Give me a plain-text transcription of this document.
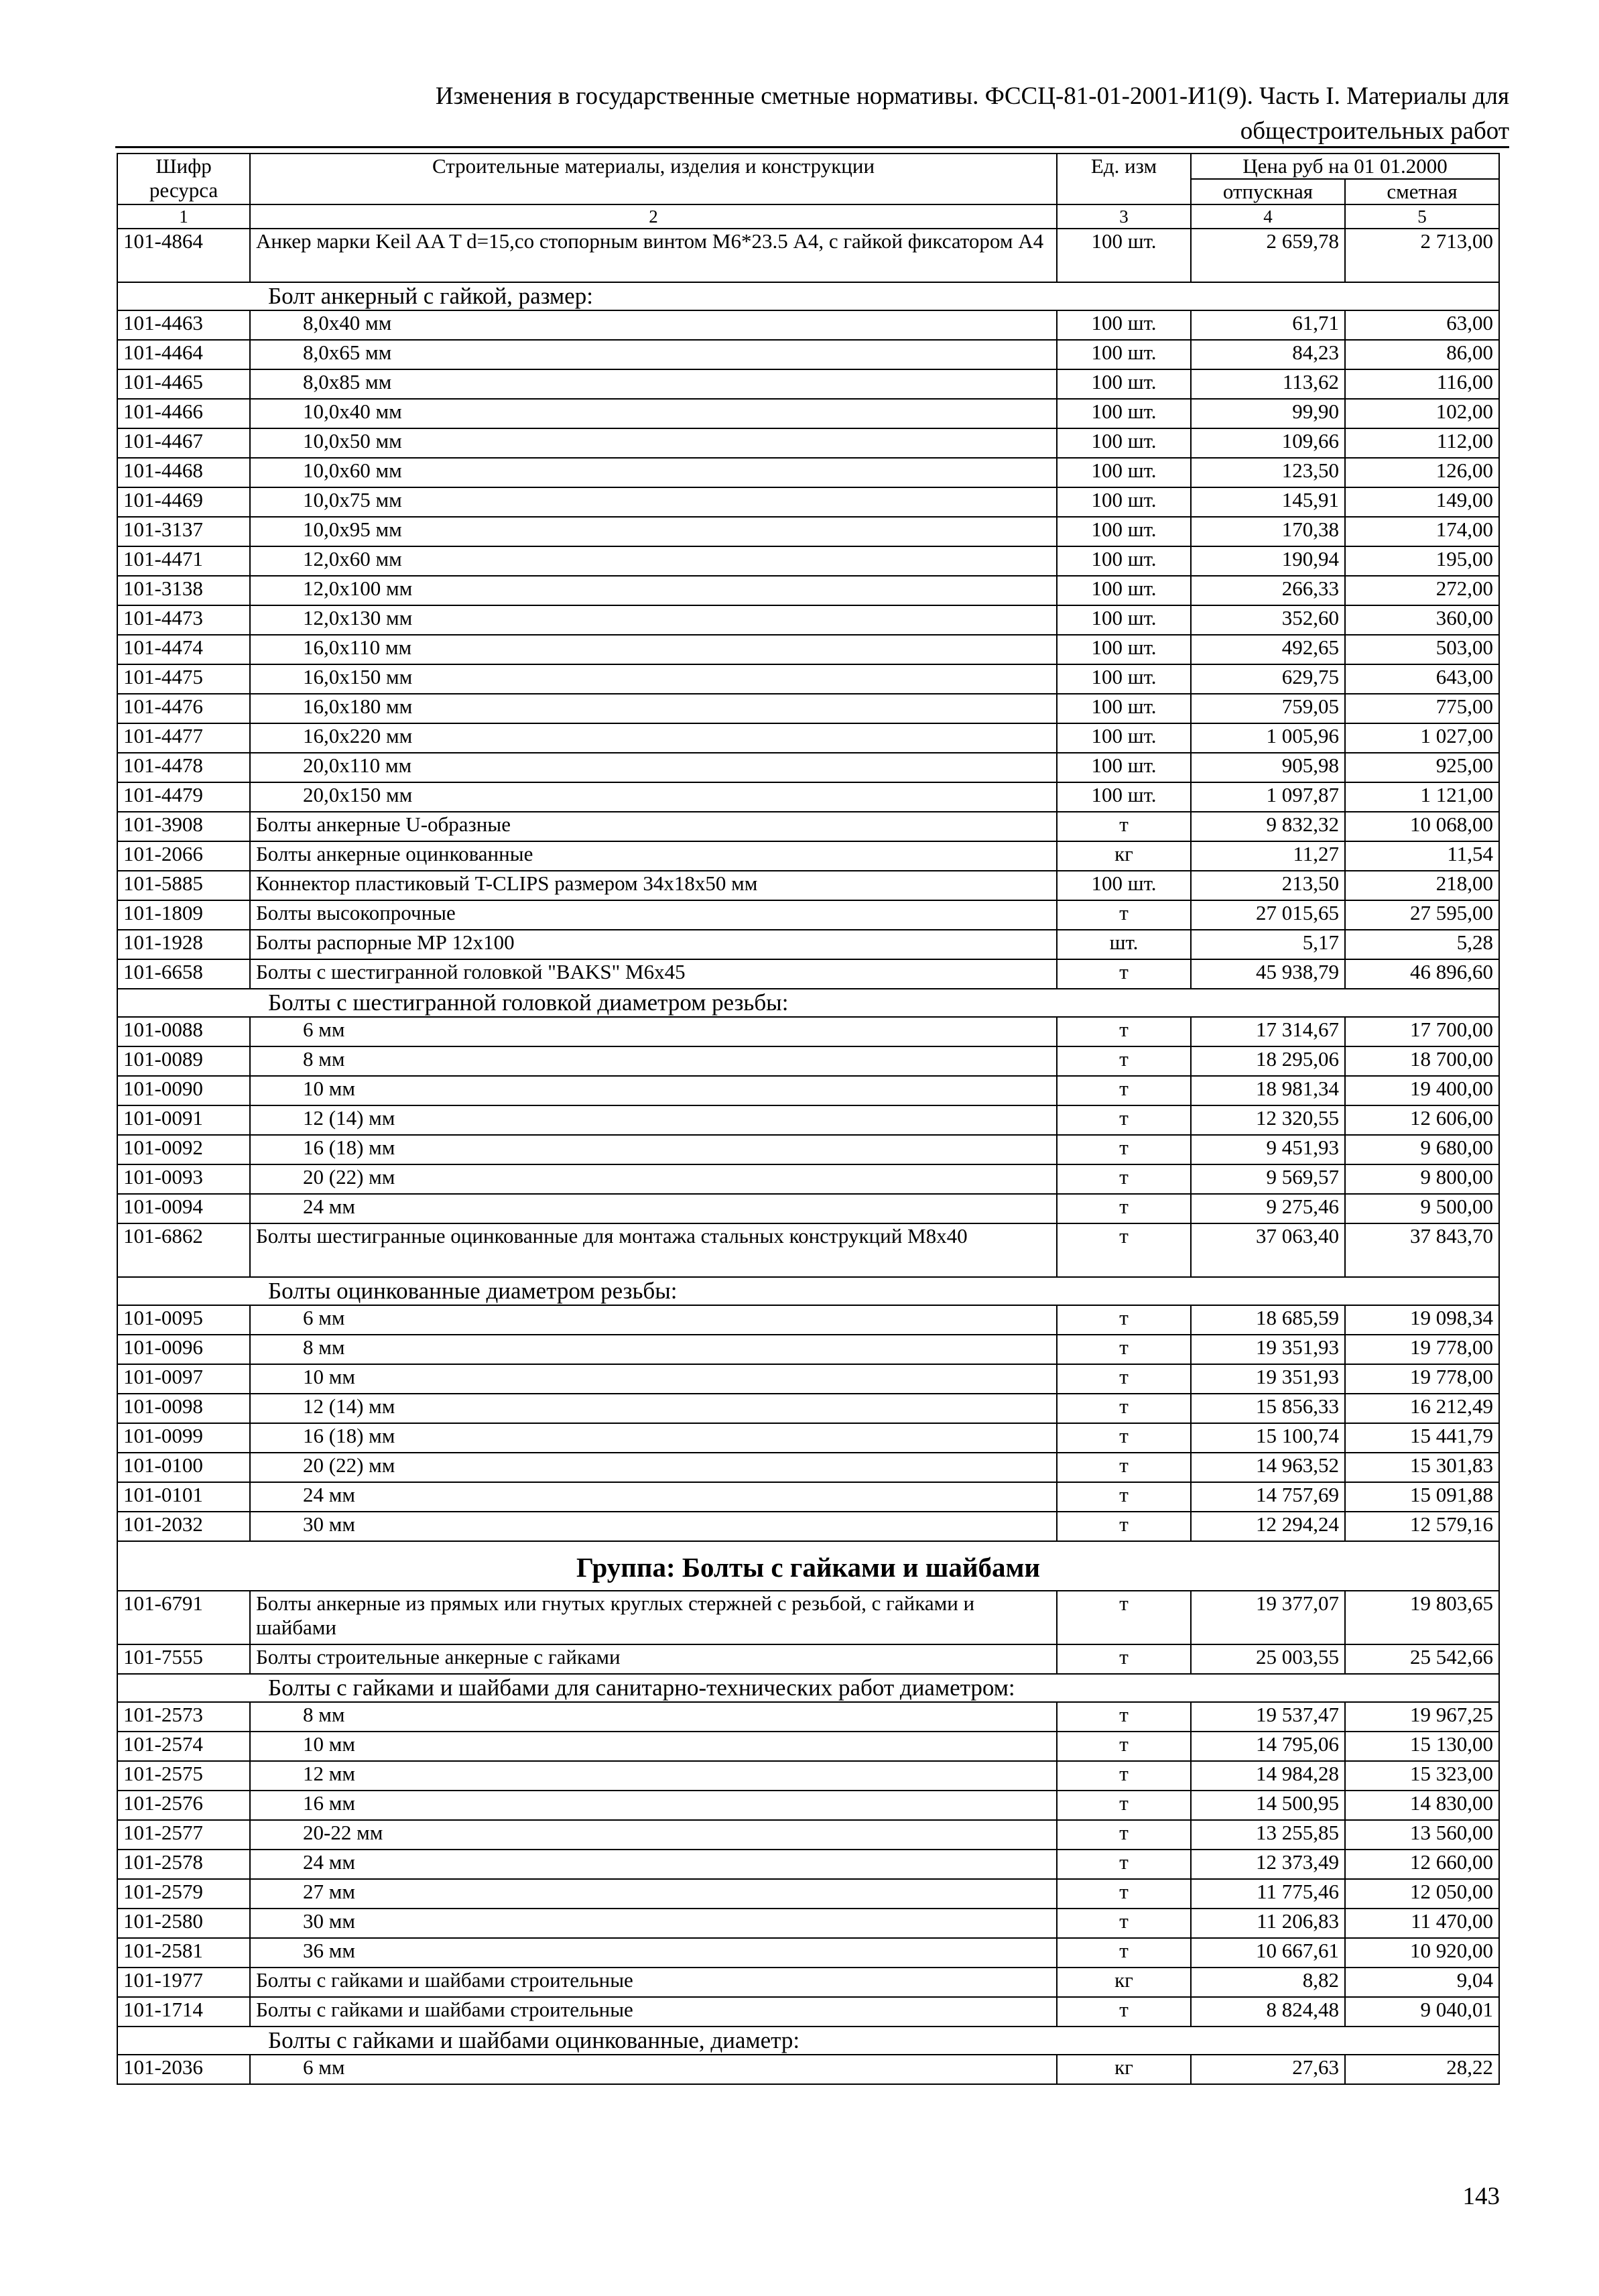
Изменения в государственные сметные нормативы. ФССЦ-81-01-2001-И1(9). Часть I. Материалы для
общестроительных работ
Шифр ресурса	Строительные материалы, изделия и конструкции	Ед. изм	Цена руб на 01 01.2000	
			отпускная	сметная
1	2	3	4	5
101-4864	Анкер марки Keil AA T d=15,со стопорным винтом М6*23.5 А4, с гайкой фиксатором А4	100 шт.	2 659,78	2 713,00
Болт анкерный с гайкой, размер:				
101-4463	8,0х40 мм	100 шт.	61,71	63,00
101-4464	8,0х65 мм	100 шт.	84,23	86,00
101-4465	8,0х85 мм	100 шт.	113,62	116,00
101-4466	10,0х40 мм	100 шт.	99,90	102,00
101-4467	10,0х50 мм	100 шт.	109,66	112,00
101-4468	10,0х60 мм	100 шт.	123,50	126,00
101-4469	10,0х75 мм	100 шт.	145,91	149,00
101-3137	10,0х95 мм	100 шт.	170,38	174,00
101-4471	12,0х60 мм	100 шт.	190,94	195,00
101-3138	12,0х100 мм	100 шт.	266,33	272,00
101-4473	12,0х130 мм	100 шт.	352,60	360,00
101-4474	16,0х110 мм	100 шт.	492,65	503,00
101-4475	16,0х150 мм	100 шт.	629,75	643,00
101-4476	16,0х180 мм	100 шт.	759,05	775,00
101-4477	16,0х220 мм	100 шт.	1 005,96	1 027,00
101-4478	20,0х110 мм	100 шт.	905,98	925,00
101-4479	20,0х150 мм	100 шт.	1 097,87	1 121,00
101-3908	Болты анкерные U-образные	т	9 832,32	10 068,00
101-2066	Болты анкерные оцинкованные	кг	11,27	11,54
101-5885	Коннектор пластиковый T-CLIPS размером 34х18х50 мм	100 шт.	213,50	218,00
101-1809	Болты высокопрочные	т	27 015,65	27 595,00
101-1928	Болты распорные МР 12х100	шт.	5,17	5,28
101-6658	Болты с шестигранной головкой "BAKS" М6х45	т	45 938,79	46 896,60
Болты с шестигранной головкой диаметром резьбы:				
101-0088	6 мм	т	17 314,67	17 700,00
101-0089	8 мм	т	18 295,06	18 700,00
101-0090	10 мм	т	18 981,34	19 400,00
101-0091	12 (14) мм	т	12 320,55	12 606,00
101-0092	16 (18) мм	т	9 451,93	9 680,00
101-0093	20 (22) мм	т	9 569,57	9 800,00
101-0094	24 мм	т	9 275,46	9 500,00
101-6862	Болты шестигранные оцинкованные для монтажа стальных конструкций М8х40	т	37 063,40	37 843,70
Болты оцинкованные диаметром резьбы:				
101-0095	6 мм	т	18 685,59	19 098,34
101-0096	8 мм	т	19 351,93	19 778,00
101-0097	10 мм	т	19 351,93	19 778,00
101-0098	12 (14) мм	т	15 856,33	16 212,49
101-0099	16 (18) мм	т	15 100,74	15 441,79
101-0100	20 (22) мм	т	14 963,52	15 301,83
101-0101	24 мм	т	14 757,69	15 091,88
101-2032	30 мм	т	12 294,24	12 579,16
Группа: Болты с гайками и шайбами				
101-6791	Болты анкерные из прямых или гнутых круглых стержней с резьбой, с гайками и шайбами	т	19 377,07	19 803,65
101-7555	Болты строительные анкерные с гайками	т	25 003,55	25 542,66
Болты с гайками и шайбами для санитарно-технических работ диаметром:				
101-2573	8 мм	т	19 537,47	19 967,25
101-2574	10 мм	т	14 795,06	15 130,00
101-2575	12 мм	т	14 984,28	15 323,00
101-2576	16 мм	т	14 500,95	14 830,00
101-2577	20-22 мм	т	13 255,85	13 560,00
101-2578	24 мм	т	12 373,49	12 660,00
101-2579	27 мм	т	11 775,46	12 050,00
101-2580	30 мм	т	11 206,83	11 470,00
101-2581	36 мм	т	10 667,61	10 920,00
101-1977	Болты с гайками и шайбами строительные	кг	8,82	9,04
101-1714	Болты с гайками и шайбами строительные	т	8 824,48	9 040,01
Болты с гайками и шайбами оцинкованные, диаметр:				
101-2036	6 мм	кг	27,63	28,22
143
